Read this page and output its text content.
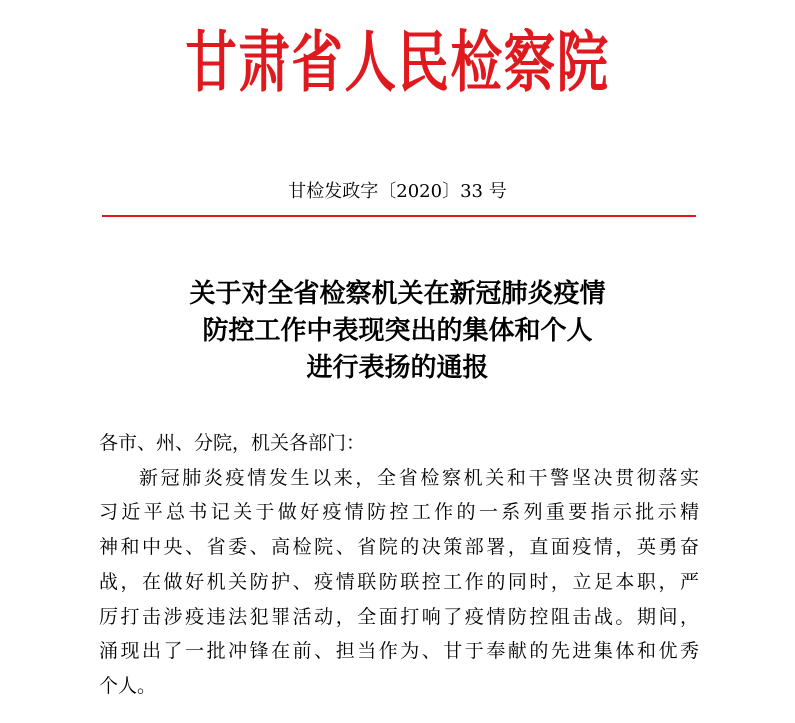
甘肃省人民检察院
甘检发政字〔2020〕33 号
关于对全省检察机关在新冠肺炎疫情
防控工作中表现突出的集体和个人
进行表扬的通报
各市、州、分院，机关各部门：
新冠肺炎疫情发生以来，全省检察机关和干警坚决贯彻落实
习近平总书记关于做好疫情防控工作的一系列重要指示批示精
神和中央、省委、高检院、省院的决策部署，直面疫情，英勇奋
战，在做好机关防护、疫情联防联控工作的同时，立足本职，严
厉打击涉疫违法犯罪活动，全面打响了疫情防控阻击战。期间，
涌现出了一批冲锋在前、担当作为、甘于奉献的先进集体和优秀
个人。
